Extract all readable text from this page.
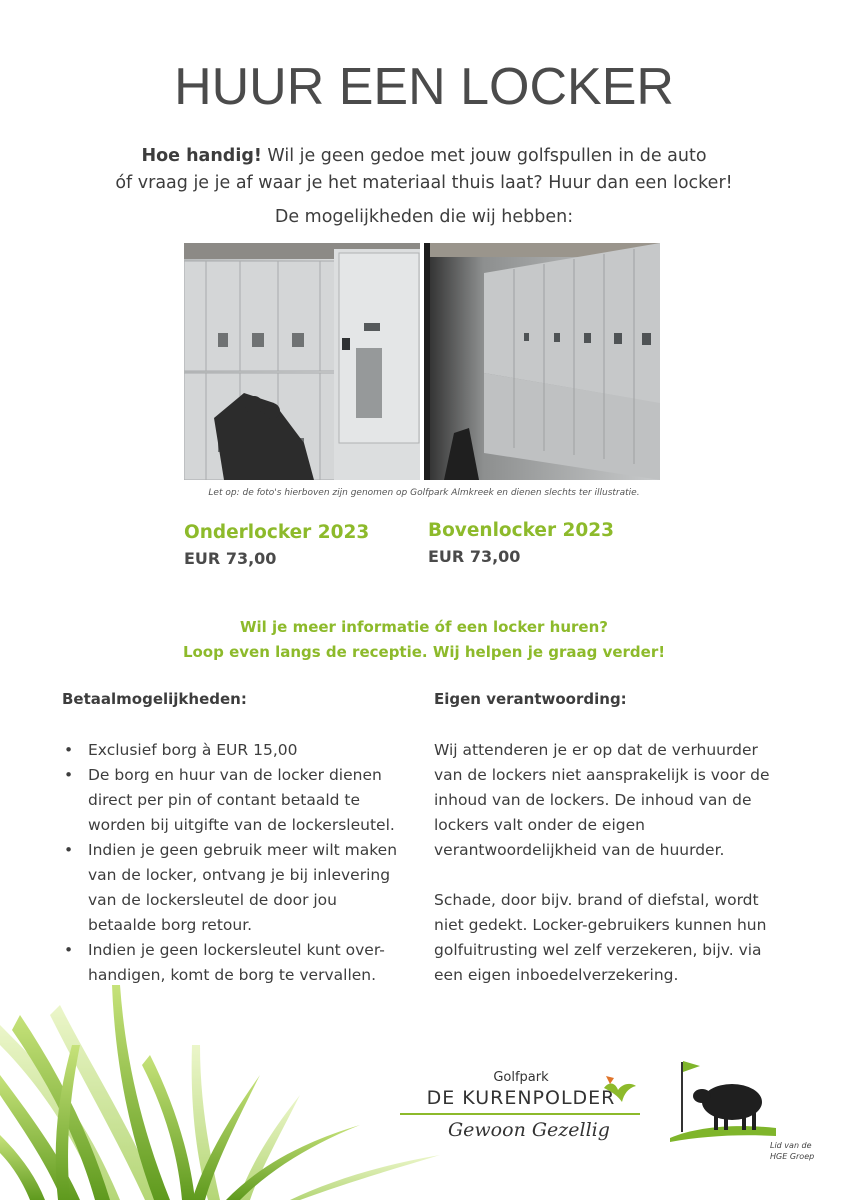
HUUR EEN LOCKER
Hoe handig! Wil je geen gedoe met jouw golfspullen in de auto
óf vraag je je af waar je het materiaal thuis laat? Huur dan een locker!
De mogelijkheden die wij hebben:
Let op: de foto's hierboven zijn genomen op Golfpark Almkreek en dienen slechts ter illustratie.
Onderlocker 2023
EUR 73,00
Bovenlocker 2023
EUR 73,00
Wil je meer informatie óf een locker huren?
Loop even langs de receptie. Wij helpen je graag verder!
Betaalmogelijkheden:
• Exclusief borg à EUR 15,00
• De borg en huur van de locker dienen direct per pin of contant betaald te worden bij uitgifte van de lockersleutel.
• Indien je geen gebruik meer wilt maken van de locker, ontvang je bij inlevering van de lockersleutel de door jou betaalde borg retour.
• Indien je geen lockersleutel kunt over-handigen, komt de borg te vervallen.
Eigen verantwoording:

Wij attenderen je er op dat de verhuurder van de lockers niet aansprakelijk is voor de inhoud van de lockers. De inhoud van de lockers valt onder de eigen verantwoordelijkheid van de huurder.

Schade, door bijv. brand of diefstal, wordt niet gedekt. Locker-gebruikers kunnen hun golfuitrusting wel zelf verzekeren, bijv. via een eigen inboedelverzekering.

Golfpark
DE KURENPOLDER
Gewoon Gezellig
Lid van de
HGE Groep
